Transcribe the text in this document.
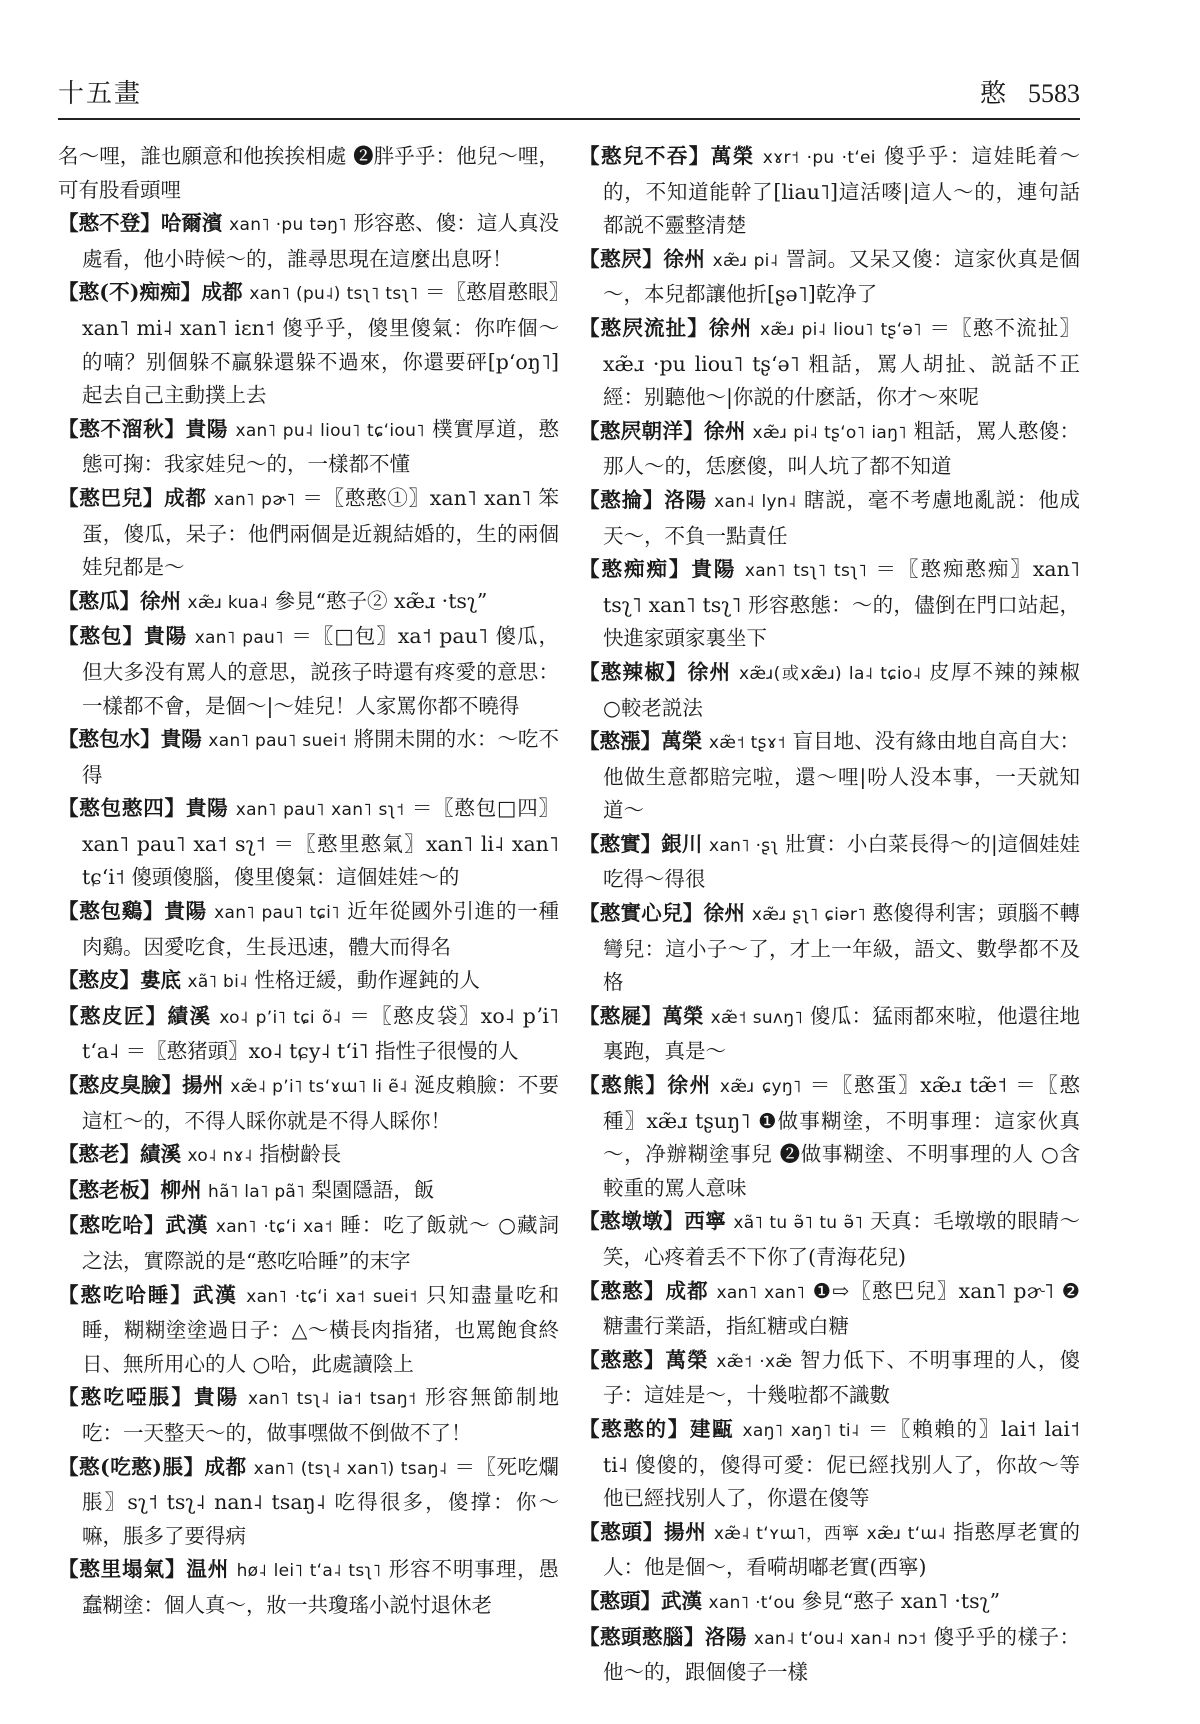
十五畫	憨 5583

名～哩，誰也願意和他挨挨相處 ❷胖乎乎：他兒～哩，可有股看頭哩

【憨不登】哈爾濱 xan˥ ·pu tәŋ˥ 形容憨、傻：這人真没處看，他小時候～的，誰尋思現在這麼出息呀！

【憨(不)痴痴】成都 xan˥ (pu˨) tsʅ˥ tsʅ˥ ＝〖憨眉憨眼〗xan˥ mi˨ xan˥ iɛn˦ 傻乎乎，傻里傻氣：你咋個～的喃？别個躲不贏躲還躲不過來，你還要砰[pʻoŋ˥]起去自己主動撲上去

【憨不溜秋】貴陽 xan˥ pu˨ liou˥ tɕʻiou˥ 樸實厚道，憨態可掬：我家娃兒～的，一樣都不懂

【憨巴兒】成都 xan˥ pɚ˥ ＝〖憨憨①〗xan˥ xan˥ 笨蛋，傻瓜，呆子：他們兩個是近親結婚的，生的兩個娃兒都是～

【憨瓜】徐州 xæ̃ɹ kua˨ 參見“憨子② xæ̃ɹ ·tsʅ”

【憨包】貴陽 xan˥ pau˥ ＝〖□包〗xa˦ pau˥ 傻瓜，但大多没有罵人的意思，説孩子時還有疼愛的意思：一樣都不會，是個～|～娃兒！人家罵你都不曉得

【憨包水】貴陽 xan˥ pau˥ suei˦ 將開未開的水：～吃不得

【憨包憨四】貴陽 xan˥ pau˥ xan˥ sʅ˦ ＝〖憨包□四〗xan˥ pau˥ xa˦ sʅ˦ ＝〖憨里憨氣〗xan˥ li˨ xan˥ tɕʻi˦ 傻頭傻腦，傻里傻氣：這個娃娃～的

【憨包鷄】貴陽 xan˥ pau˥ tɕi˥ 近年從國外引進的一種肉鷄。因愛吃食，生長迅速，體大而得名

【憨皮】婁底 xã˥ bi˨ 性格迂緩，動作遲鈍的人

【憨皮匠】績溪 xo˨ pʼi˥ tɕi õ˨ ＝〖憨皮袋〗xo˨ pʼi˥ tʻa˨ ＝〖憨猪頭〗xo˨ tɕy˨ tʻi˥ 指性子很慢的人

【憨皮臭臉】揚州 xæ̃˨ pʼi˥ tsʻɤɯ˥ li ẽ˨ 涎皮賴臉：不要這杠～的，不得人睬你就是不得人睬你！

【憨老】績溪 xo˨ nɤ˨ 指樹齡長

【憨老板】柳州 hã˥ la˥ pã˥ 梨園隱語，飯

【憨吃哈】武漢 xan˥ ·tɕʻi xa˦ 睡：吃了飯就～ ○藏詞之法，實際説的是“憨吃哈睡”的末字

【憨吃哈睡】武漢 xan˥ ·tɕʻi xa˦ suei˦ 只知盡量吃和睡，糊糊塗塗過日子：△～橫長肉指猪，也罵飽食終日、無所用心的人 ○哈，此處讀陰上

【憨吃啞脹】貴陽 xan˥ tsʅ˨ ia˦ tsaŋ˦ 形容無節制地吃：一天整天～的，做事嘿做不倒做不了！

【憨(吃憨)脹】成都 xan˥ (tsʅ˨ xan˥) tsaŋ˨ ＝〖死吃爛脹〗sʅ˦ tsʅ˨ nan˨ tsaŋ˨ 吃得很多，傻撑：你～嘛，脹多了要得病

【憨里塌氣】温州 hø˨ lei˥ tʻa˨ tsʅ˥ 形容不明事理，愚蠢糊塗：個人真～，妝一共瓊瑤小説忖退休老

【憨兒不吞】萬榮 xɤr˦ ·pu ·tʻei 傻乎乎：這娃眊着～的，不知道能幹了[liau˥]這活嘜|這人～的，連句話都説不靈整清楚

【憨屄】徐州 xæ̃ɹ pi˨ 詈詞。又呆又傻：這家伙真是個～，本兒都讓他折[ʂә˥]乾净了

【憨屄流扯】徐州 xæ̃ɹ pi˨ liou˥ tʂʻә˥ ＝〖憨不流扯〗xæ̃ɹ ·pu liou˥ tʂʻә˥ 粗話，罵人胡扯、説話不正經：别聽他～|你説的什麽話，你才～來呢

【憨屄朝洋】徐州 xæ̃ɹ pi˨ tʂʻo˥ iaŋ˥ 粗話，罵人憨傻：那人～的，恁麽傻，叫人坑了都不知道

【憨掄】洛陽 xan˨ lyn˨ 瞎説，毫不考慮地亂説：他成天～，不負一點責任

【憨痴痴】貴陽 xan˥ tsʅ˥ tsʅ˥ ＝〖憨痴憨痴〗xan˥ tsʅ˥ xan˥ tsʅ˥ 形容憨態：～的，儘倒在門口站起，快進家頭家裏坐下

【憨辣椒】徐州 xæ̃ɹ(或xæ̃ɹ) la˨ tɕio˨ 皮厚不辣的辣椒 ○較老説法

【憨漲】萬榮 xæ̃˦ tʂɤ˦ 盲目地、没有緣由地自高自大：他做生意都賠完啦，還～哩|吩人没本事，一天就知道～

【憨實】銀川 xan˥ ·ʂʅ 壯實：小白菜長得～的|這個娃娃吃得～得很

【憨實心兒】徐州 xæ̃ɹ ʂʅ˥ ɕiәr˥ 憨傻得利害；頭腦不轉彎兒：這小子～了，才上一年級，語文、數學都不及格

【憨屣】萬榮 xæ̃˦ suʌŋ˥ 傻瓜：猛雨都來啦，他還往地裏跑，真是～

【憨熊】徐州 xæ̃ɹ ɕyŋ˥ ＝〖憨蛋〗xæ̃ɹ tæ̃˦ ＝〖憨種〗xæ̃ɹ tʂuŋ˥ ❶做事糊塗，不明事理：這家伙真～，净辦糊塗事兒 ❷做事糊塗、不明事理的人 ○含較重的罵人意味

【憨墩墩】西寧 xã˥ tu ə̃˥ tu ə̃˥ 天真：毛墩墩的眼睛～笑，心疼着丢不下你了(青海花兒)

【憨憨】成都 xan˥ xan˥ ❶⇨〖憨巴兒〗xan˥ pɚ˥ ❷糖畫行業語，指紅糖或白糖

【憨憨】萬榮 xæ̃˦ ·xæ̃ 智力低下、不明事理的人，傻子：這娃是～，十幾啦都不識數

【憨憨的】建甌 xaŋ˥ xaŋ˥ ti˨ ＝〖賴賴的〗lai˦ lai˦ ti˨ 傻傻的，傻得可愛：伲已經找别人了，你故～等他已經找别人了，你還在傻等

【憨頭】揚州 xæ̃˨ tʻʏɯ˥，西寧 xæ̃ɹ tʻɯ˨ 指憨厚老實的人：他是個～，看嗬胡嘟老實(西寧)

【憨頭】武漢 xan˥ ·tʻou 參見“憨子 xan˥ ·tsʅ”

【憨頭憨腦】洛陽 xan˨ tʻou˨ xan˨ nɔ˦ 傻乎乎的樣子：他～的，跟個傻子一樣
